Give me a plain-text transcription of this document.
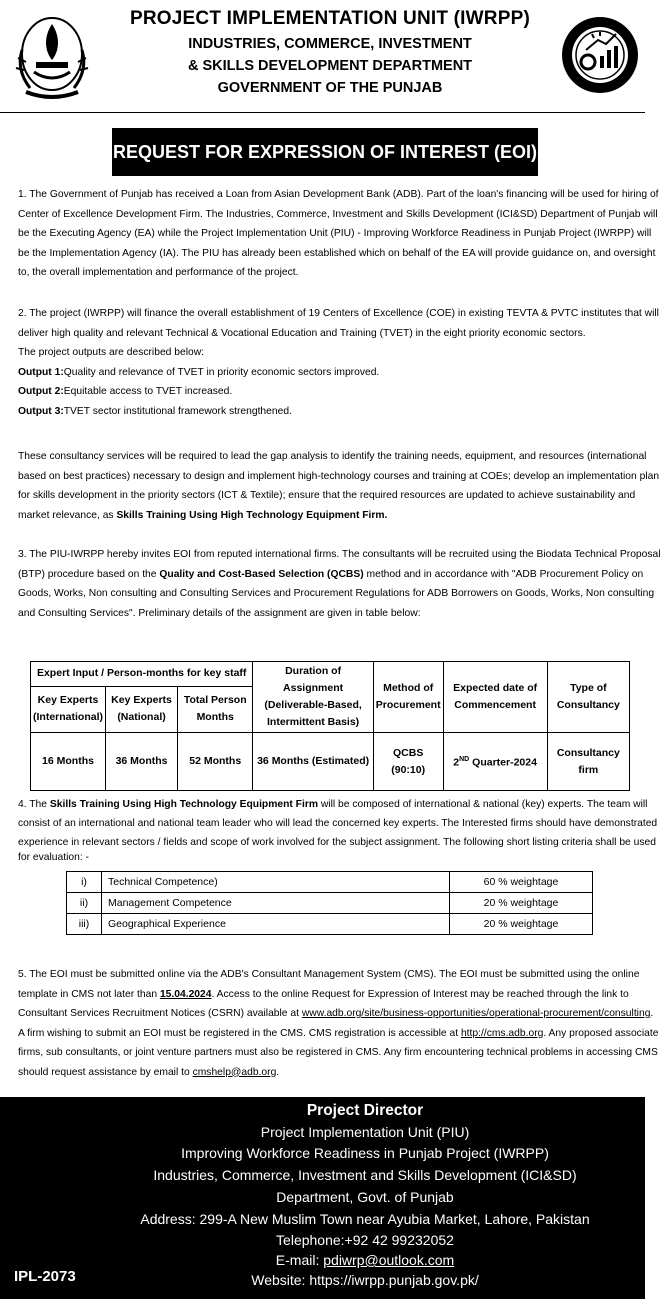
PROJECT IMPLEMENTATION UNIT (IWRPP)
INDUSTRIES, COMMERCE, INVESTMENT
& SKILLS DEVELOPMENT DEPARTMENT
GOVERNMENT OF THE PUNJAB
REQUEST FOR EXPRESSION OF INTEREST (EOI)
1. The Government of Punjab has received a Loan from Asian Development Bank (ADB). Part of the loan's financing will be used for hiring of
Center of Excellence Development Firm. The Industries, Commerce, Investment and Skills Development (ICI&SD) Department of Punjab will
be the Executing Agency (EA) while the Project Implementation Unit (PIU) - Improving Workforce Readiness in Punjab Project (IWRPP) will
be the Implementation Agency (IA). The PIU has already been established which on behalf of the EA will provide guidance on, and oversight
to, the overall implementation and performance of the project.
2. The project (IWRPP) will finance the overall establishment of 19 Centers of Excellence (COE) in existing TEVTA & PVTC institutes that will
deliver high quality and relevant Technical & Vocational Education and Training (TVET) in the eight priority economic sectors.
The project outputs are described below:
Output 1:Quality and relevance of TVET in priority economic sectors improved.
Output 2:Equitable access to TVET increased.
Output 3:TVET sector institutional framework strengthened.
These consultancy services will be required to lead the gap analysis to identify the training needs, equipment, and resources (international
based on best practices) necessary to design and implement high-technology courses and training at COEs; develop an implementation plan
for skills development in the priority sectors (ICT & Textile); ensure that the required resources are updated to achieve sustainability and
market relevance, as Skills Training Using High Technology Equipment Firm.
3. The PIU-IWRPP hereby invites EOI from reputed international firms. The consultants will be recruited using the Biodata Technical Proposal
(BTP) procedure based on the Quality and Cost-Based Selection (QCBS) method and in accordance with "ADB Procurement Policy on
Goods, Works, Non consulting and Consulting Services and Procurement Regulations for ADB Borrowers on Goods, Works, Non consulting
and Consulting Services". Preliminary details of the assignment are given in table below:
Expert Input / Person-months for key staff			Duration of Assignment (Deliverable-Based, Intermittent Basis)	Method of Procurement	Expected date of Commencement	Type of Consultancy
Key Experts (International)	Key Experts (National)	Total Person Months				
16 Months	36 Months	52 Months	36 Months (Estimated)	QCBS (90:10)	2ND Quarter-2024	Consultancy firm
4. The Skills Training Using High Technology Equipment Firm will be composed of international & national (key) experts. The team will
consist of an international and national team leader who will lead the concerned key experts. The Interested firms should have demonstrated
experience in relevant sectors / fields and scope of work involved for the subject assignment. The following short listing criteria shall be used
for evaluation: -
i)	Technical Competence)	60 % weightage
ii)	Management Competence	20 % weightage
iii)	Geographical Experience	20 % weightage
5. The EOI must be submitted online via the ADB's Consultant Management System (CMS). The EOI must be submitted using the online
template in CMS not later than 15.04.2024. Access to the online Request for Expression of Interest may be reached through the link to
Consultant Services Recruitment Notices (CSRN) available at www.adb.org/site/business-opportunities/operational-procurement/consulting.
A firm wishing to submit an EOI must be registered in the CMS. CMS registration is accessible at http://cms.adb.org. Any proposed associate
firms, sub consultants, or joint venture partners must also be registered in CMS. Any firm encountering technical problems in accessing CMS
should request assistance by email to cmshelp@adb.org.
Project Director
Project Implementation Unit (PIU)
Improving Workforce Readiness in Punjab Project (IWRPP)
Industries, Commerce, Investment and Skills Development (ICI&SD)
Department, Govt. of Punjab
Address: 299-A New Muslim Town near Ayubia Market, Lahore, Pakistan
Telephone:+92 42 99232052
E-mail: pdiwrp@outlook.com
Website: https://iwrpp.punjab.gov.pk/
IPL-2073
